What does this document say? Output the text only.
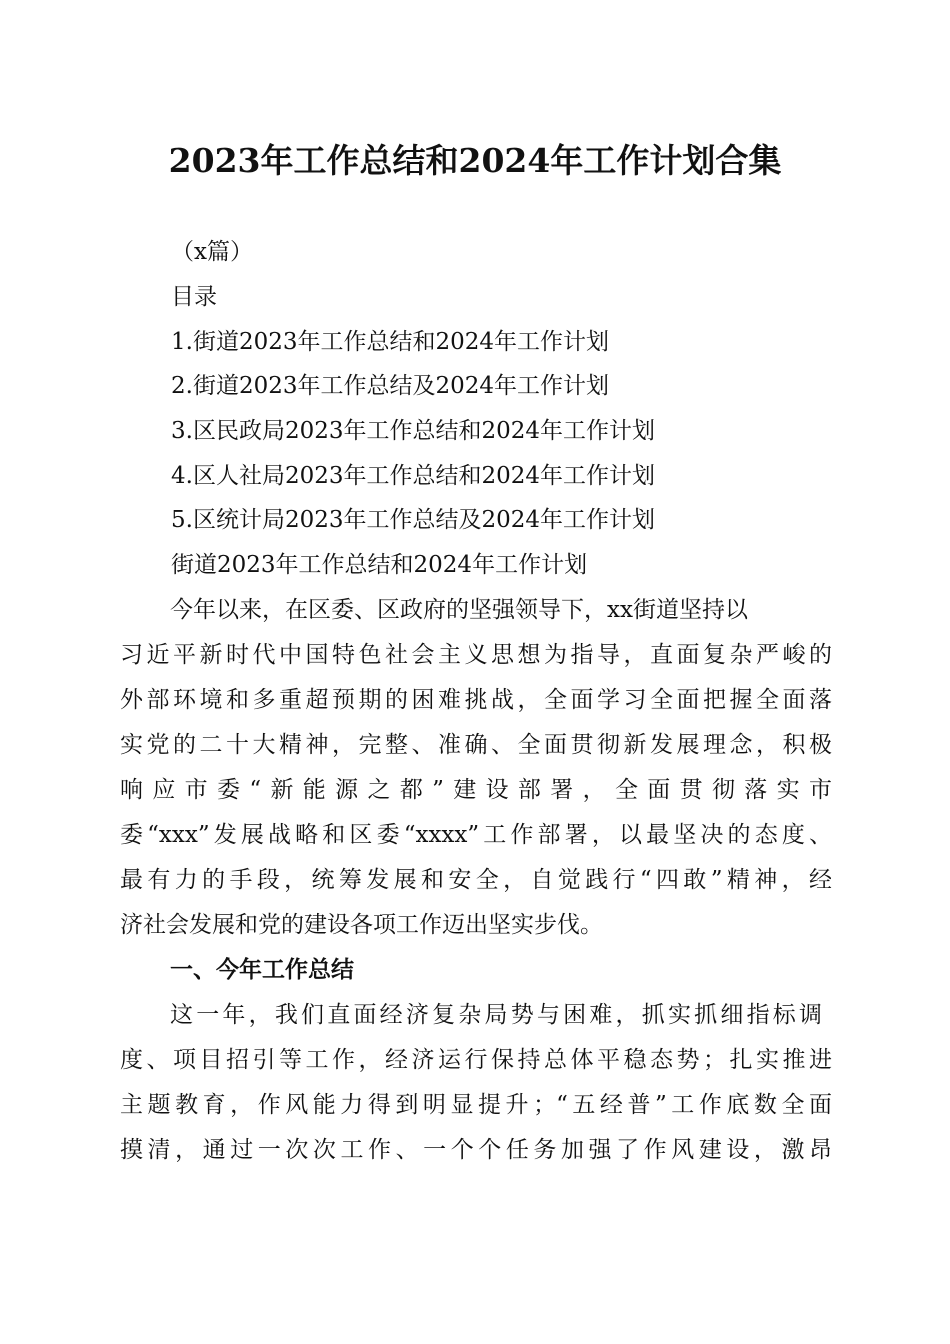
2023年工作总结和2024年工作计划合集
（x篇）
目录
1.街道2023年工作总结和2024年工作计划
2.街道2023年工作总结及2024年工作计划
3.区民政局2023年工作总结和2024年工作计划
4.区人社局2023年工作总结和2024年工作计划
5.区统计局2023年工作总结及2024年工作计划
街道2023年工作总结和2024年工作计划
今年以来，在区委、区政府的坚强领导下，xx街道坚持以
习近平新时代中国特色社会主义思想为指导，直面复杂严峻的
外部环境和多重超预期的困难挑战，全面学习全面把握全面落
实党的二十大精神，完整、准确、全面贯彻新发展理念，积极
响应市委“新能源之都”建设部署，全面贯彻落实市
委“xxx”发展战略和区委“xxxx”工作部署，以最坚决的态度、
最有力的手段，统筹发展和安全，自觉践行“四敢”精神，经
济社会发展和党的建设各项工作迈出坚实步伐。
一、今年工作总结
这一年，我们直面经济复杂局势与困难，抓实抓细指标调
度、项目招引等工作，经济运行保持总体平稳态势；扎实推进
主题教育，作风能力得到明显提升；“五经普”工作底数全面
摸清，通过一次次工作、一个个任务加强了作风建设，激昂
